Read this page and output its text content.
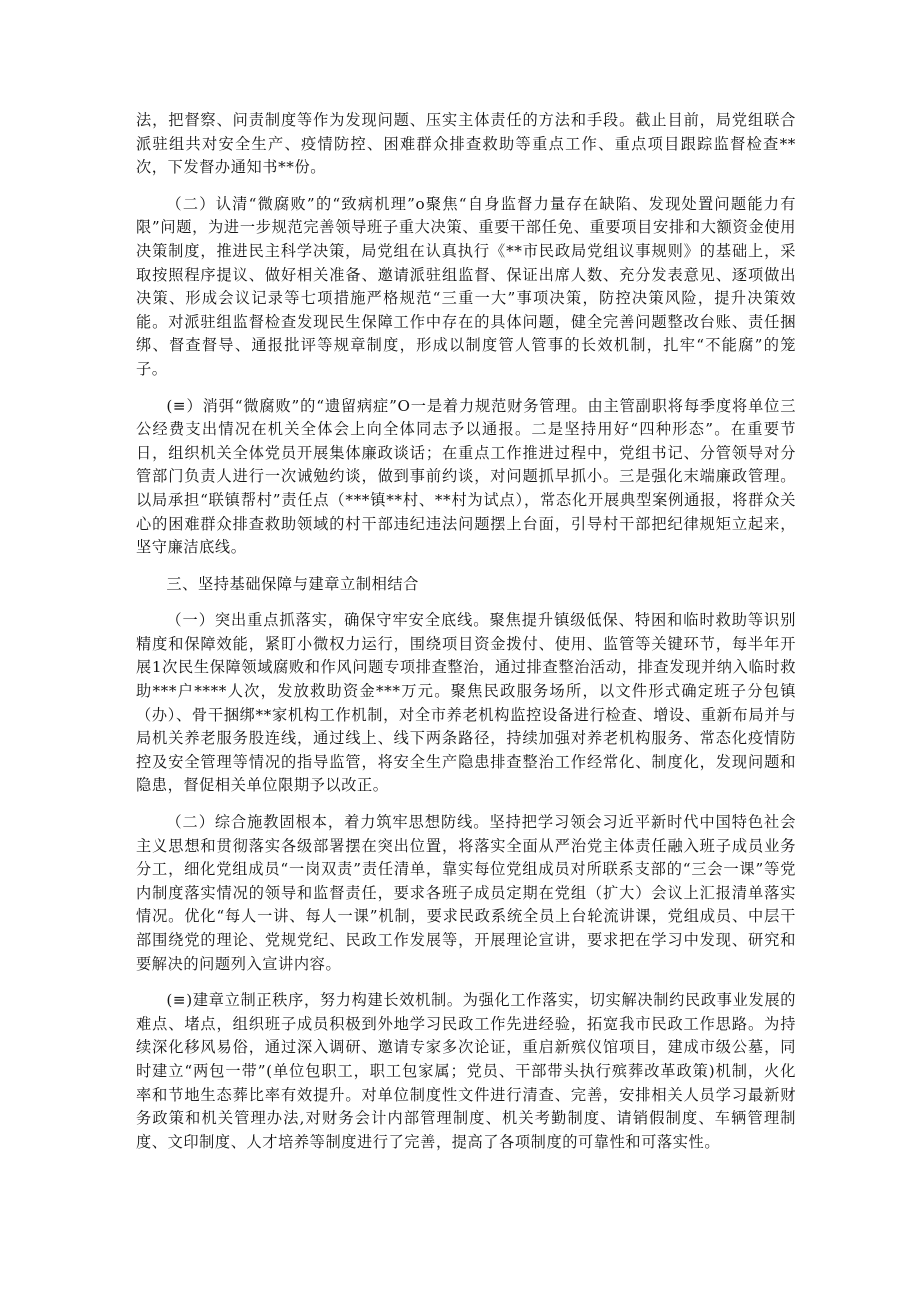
法，把督察、问责制度等作为发现问题、压实主体责任的方法和手段。截止目前，局党组联合派驻组共对安全生产、疫情防控、困难群众排查救助等重点工作、重点项目跟踪监督检查**次，下发督办通知书**份。

（二）认清“微腐败”的“致病机理”o聚焦“自身监督力量存在缺陷、发现处置问题能力有限”问题，为进一步规范完善领导班子重大决策、重要干部任免、重要项目安排和大额资金使用决策制度，推进民主科学决策，局党组在认真执行《**市民政局党组议事规则》的基础上，采取按照程序提议、做好相关准备、邀请派驻组监督、保证出席人数、充分发表意见、逐项做出决策、形成会议记录等七项措施严格规范“三重一大”事项决策，防控决策风险，提升决策效能。对派驻组监督检查发现民生保障工作中存在的具体问题，健全完善问题整改台账、责任捆绑、督查督导、通报批评等规章制度，形成以制度管人管事的长效机制，扎牢“不能腐”的笼子。

(≡）消弭“微腐败”的“遗留病症”O一是着力规范财务管理。由主管副职将每季度将单位三公经费支出情况在机关全体会上向全体同志予以通报。二是坚持用好“四种形态”。在重要节日，组织机关全体党员开展集体廉政谈话；在重点工作推进过程中，党组书记、分管领导对分管部门负责人进行一次诫勉约谈，做到事前约谈，对问题抓早抓小。三是强化末端廉政管理。以局承担“联镇帮村”责任点（***镇**村、**村为试点），常态化开展典型案例通报，将群众关心的困难群众排查救助领域的村干部违纪违法问题摆上台面，引导村干部把纪律规矩立起来，坚守廉洁底线。

三、坚持基础保障与建章立制相结合

（一）突出重点抓落实，确保守牢安全底线。聚焦提升镇级低保、特困和临时救助等识别精度和保障效能，紧盯小微权力运行，围绕项目资金拨付、使用、监管等关键环节，每半年开展1次民生保障领域腐败和作风问题专项排查整治，通过排查整治活动，排查发现并纳入临时救助***户****人次，发放救助资金***万元。聚焦民政服务场所，以文件形式确定班子分包镇（办）、骨干捆绑**家机构工作机制，对全市养老机构监控设备进行检查、增设、重新布局并与局机关养老服务股连线，通过线上、线下两条路径，持续加强对养老机构服务、常态化疫情防控及安全管理等情况的指导监管，将安全生产隐患排查整治工作经常化、制度化，发现问题和隐患，督促相关单位限期予以改正。

（二）综合施教固根本，着力筑牢思想防线。坚持把学习领会习近平新时代中国特色社会主义思想和贯彻落实各级部署摆在突出位置，将落实全面从严治党主体责任融入班子成员业务分工，细化党组成员“一岗双责”责任清单，靠实每位党组成员对所联系支部的“三会一课”等党内制度落实情况的领导和监督责任，要求各班子成员定期在党组（扩大）会议上汇报清单落实情况。优化“每人一讲、每人一课”机制，要求民政系统全员上台轮流讲课，党组成员、中层干部围绕党的理论、党规党纪、民政工作发展等，开展理论宣讲，要求把在学习中发现、研究和要解决的问题列入宣讲内容。

(≡)建章立制正秩序，努力构建长效机制。为强化工作落实，切实解决制约民政事业发展的难点、堵点，组织班子成员积极到外地学习民政工作先进经验，拓宽我市民政工作思路。为持续深化移风易俗，通过深入调研、邀请专家多次论证，重启新殡仪馆项目，建成市级公墓，同时建立“两包一带”(单位包职工，职工包家属；党员、干部带头执行殡葬改革政策)机制，火化率和节地生态葬比率有效提升。对单位制度性文件进行清查、完善，安排相关人员学习最新财务政策和机关管理办法,对财务会计内部管理制度、机关考勤制度、请销假制度、车辆管理制度、文印制度、人才培养等制度进行了完善，提高了各项制度的可靠性和可落实性。
